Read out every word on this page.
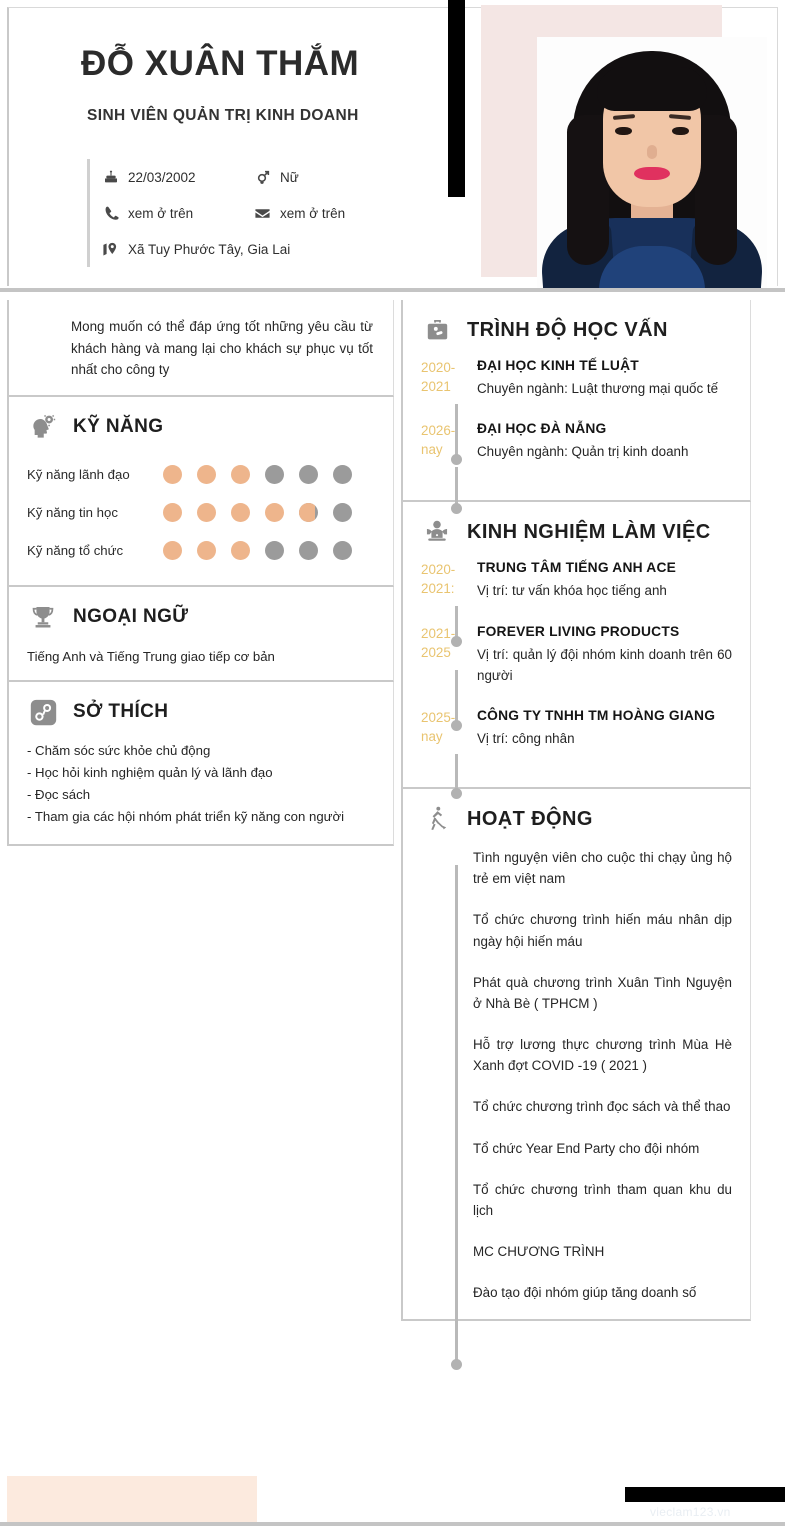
ĐỖ XUÂN THẮM
SINH VIÊN QUẢN TRỊ KINH DOANH
22/03/2002	Nữ
xem ở trên	xem ở trên
Xã Tuy Phước Tây, Gia Lai
Mong muốn có thể đáp ứng tốt những yêu cầu từ khách hàng và mang lại cho khách sự phục vụ tốt nhất cho công ty
KỸ NĂNG
Kỹ năng lãnh đạo
Kỹ năng tin học
Kỹ năng tổ chức
NGOẠI NGỮ
Tiếng Anh và Tiếng Trung giao tiếp cơ bản
SỞ THÍCH
- Chăm sóc sức khỏe chủ động
- Học hỏi kinh nghiệm quản lý và lãnh đạo
- Đọc sách
- Tham gia các hội nhóm phát triển kỹ năng con người
TRÌNH ĐỘ HỌC VẤN
2020-2021
ĐẠI HỌC KINH TẾ LUẬT
Chuyên ngành: Luật thương mại quốc tế
2026-nay
ĐẠI HỌC ĐÀ NẴNG
Chuyên ngành: Quản trị kinh doanh
KINH NGHIỆM LÀM VIỆC
2020-2021:
TRUNG TÂM TIẾNG ANH ACE
Vị trí: tư vấn khóa học tiếng anh
2021-2025
FOREVER LIVING PRODUCTS
Vị trí: quản lý đội nhóm kinh doanh trên 60 người
2025-nay
CÔNG TY TNHH TM HOÀNG GIANG
Vị trí: công nhân
HOẠT ĐỘNG
Tình nguyện viên cho cuộc thi chạy ủng hộ trẻ em việt nam
Tổ chức chương trình hiến máu nhân dịp ngày hội hiến máu
Phát quà chương trình Xuân Tình Nguyện ở Nhà Bè ( TPHCM )
Hỗ trợ lương thực chương trình Mùa Hè Xanh đợt COVID -19 ( 2021 )
Tổ chức chương trình đọc sách và thể thao
Tổ chức Year End Party cho đội nhóm
Tổ chức chương trình tham quan khu du lịch
MC CHƯƠNG TRÌNH
Đào tạo đội nhóm giúp tăng doanh số
vieclam123.vn
